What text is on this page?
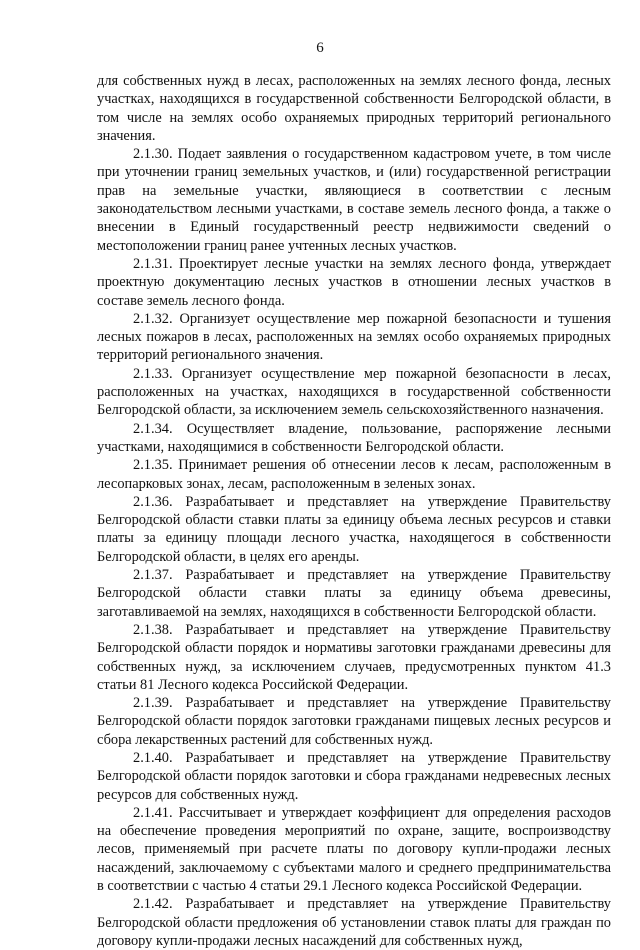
6

для собственных нужд в лесах, расположенных на землях лесного фонда, лесных участках, находящихся в государственной собственности Белгородской области, в том числе на землях особо охраняемых природных территорий регионального значения.

2.1.30. Подает заявления о государственном кадастровом учете, в том числе при уточнении границ земельных участков, и (или) государственной регистрации прав на земельные участки, являющиеся в соответствии с лесным законодательством лесными участками, в составе земель лесного фонда, а также о внесении в Единый государственный реестр недвижимости сведений о местоположении границ ранее учтенных лесных участков.

2.1.31. Проектирует лесные участки на землях лесного фонда, утверждает проектную документацию лесных участков в отношении лесных участков в составе земель лесного фонда.

2.1.32. Организует осуществление мер пожарной безопасности и тушения лесных пожаров в лесах, расположенных на землях особо охраняемых природных территорий регионального значения.

2.1.33. Организует осуществление мер пожарной безопасности в лесах, расположенных на участках, находящихся в государственной собственности Белгородской области, за исключением земель сельскохозяйственного назначения.

2.1.34. Осуществляет владение, пользование, распоряжение лесными участками, находящимися в собственности Белгородской области.

2.1.35. Принимает решения об отнесении лесов к лесам, расположенным в лесопарковых зонах, лесам, расположенным в зеленых зонах.

2.1.36. Разрабатывает и представляет на утверждение Правительству Белгородской области ставки платы за единицу объема лесных ресурсов и ставки платы за единицу площади лесного участка, находящегося в собственности Белгородской области, в целях его аренды.

2.1.37. Разрабатывает и представляет на утверждение Правительству Белгородской области ставки платы за единицу объема древесины, заготавливаемой на землях, находящихся в собственности Белгородской области.

2.1.38. Разрабатывает и представляет на утверждение Правительству Белгородской области порядок и нормативы заготовки гражданами древесины для собственных нужд, за исключением случаев, предусмотренных пунктом 41.3 статьи 81 Лесного кодекса Российской Федерации.

2.1.39. Разрабатывает и представляет на утверждение Правительству Белгородской области порядок заготовки гражданами пищевых лесных ресурсов и сбора лекарственных растений для собственных нужд.

2.1.40. Разрабатывает и представляет на утверждение Правительству Белгородской области порядок заготовки и сбора гражданами недревесных лесных ресурсов для собственных нужд.

2.1.41. Рассчитывает и утверждает коэффициент для определения расходов на обеспечение проведения мероприятий по охране, защите, воспроизводству лесов, применяемый при расчете платы по договору купли-продажи лесных насаждений, заключаемому с субъектами малого и среднего предпринимательства в соответствии с частью 4 статьи 29.1 Лесного кодекса Российской Федерации.

2.1.42. Разрабатывает и представляет на утверждение Правительству Белгородской области предложения об установлении ставок платы для граждан по договору купли-продажи лесных насаждений для собственных нужд,
